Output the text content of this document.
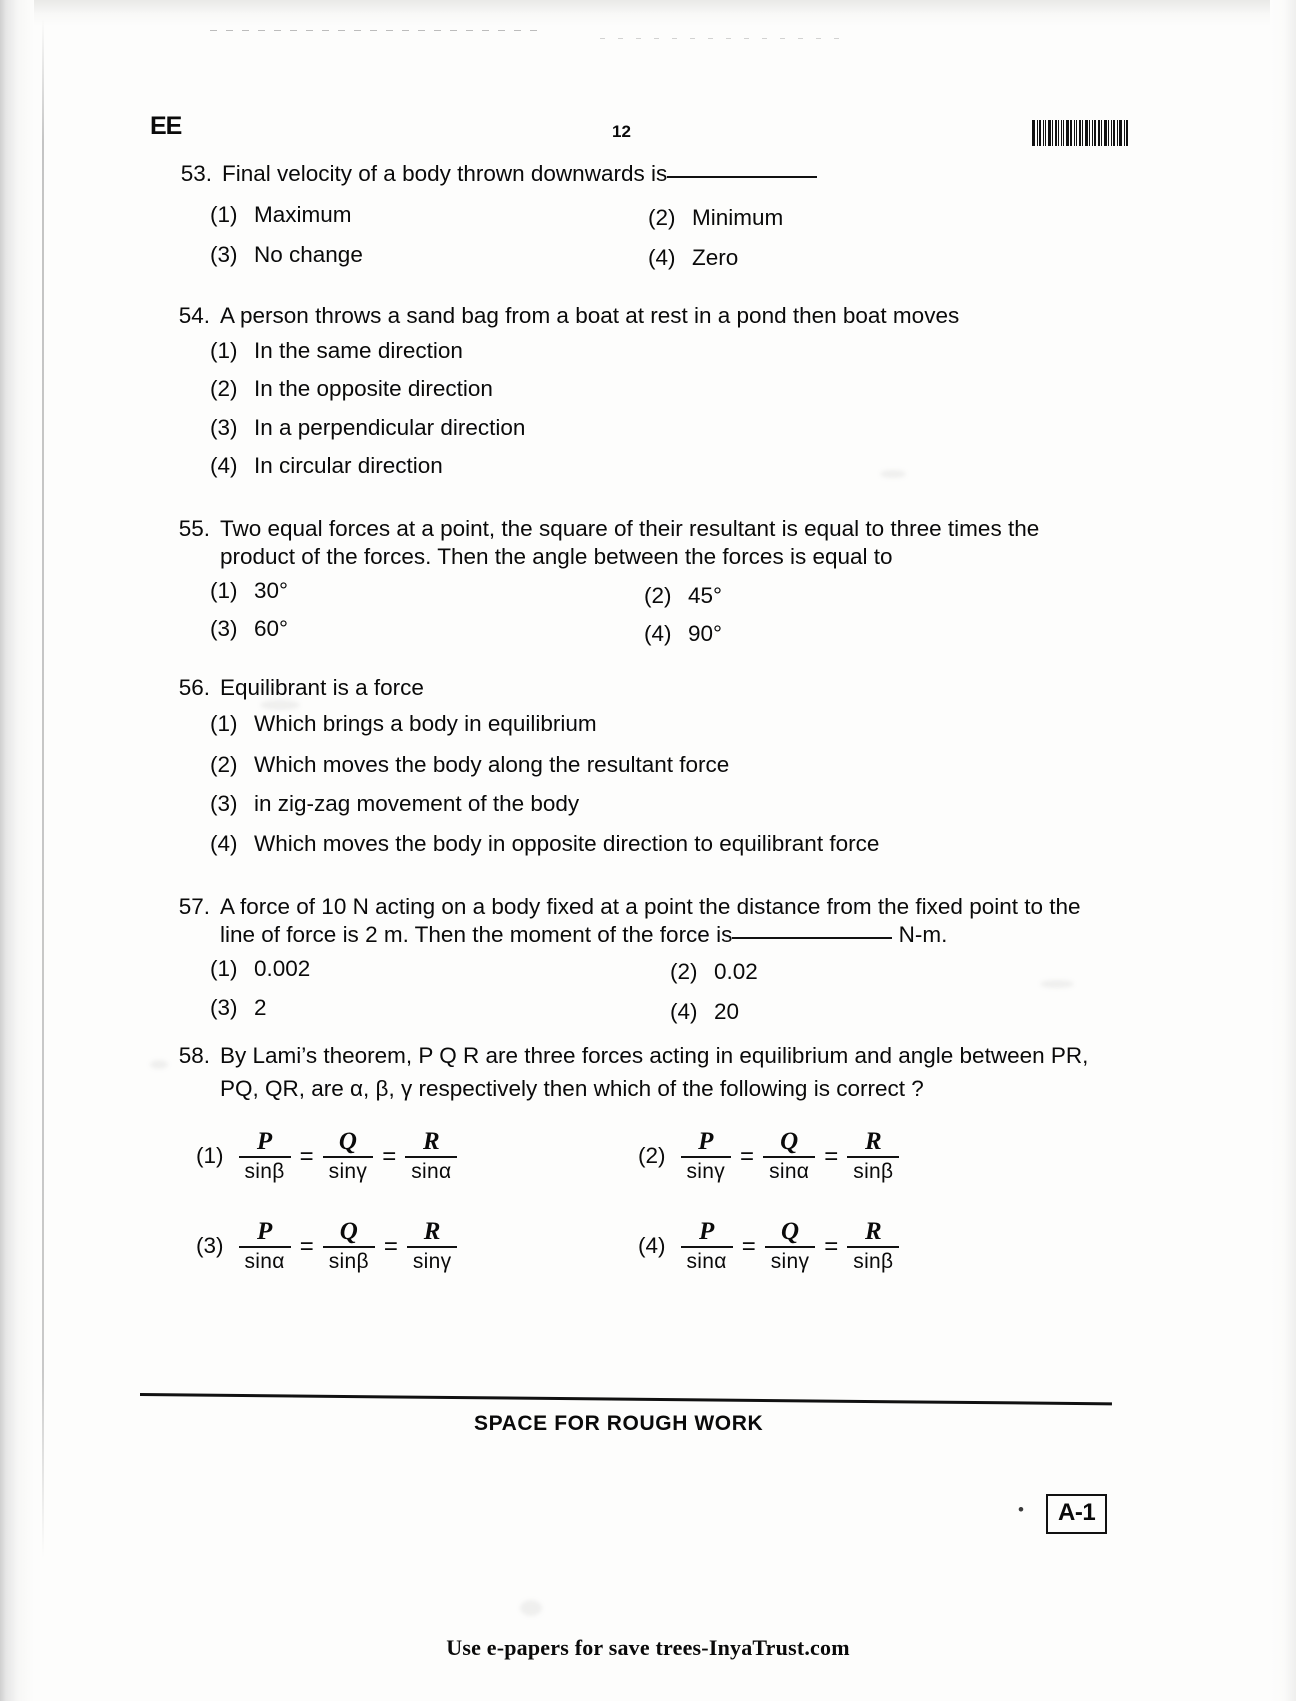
EE	12
53. Final velocity of a body thrown downwards is
(1) Maximum	(2) Minimum
(3) No change	(4) Zero
54. A person throws a sand bag from a boat at rest in a pond then boat moves
(1) In the same direction
(2) In the opposite direction
(3) In a perpendicular direction
(4) In circular direction
55. Two equal forces at a point, the square of their resultant is equal to three times the
product of the forces. Then the angle between the forces is equal to
(1) 30°	(2) 45°
(3) 60°	(4) 90°
56. Equilibrant is a force
(1) Which brings a body in equilibrium
(2) Which moves the body along the resultant force
(3) in zig-zag movement of the body
(4) Which moves the body in opposite direction to equilibrant force
57. A force of 10 N acting on a body fixed at a point the distance from the fixed point to the
line of force is 2 m. Then the moment of the force is	N-m.
(1) 0.002	(2) 0.02
(3) 2	(4) 20
58. By Lami’s theorem, P Q R are three forces acting in equilibrium and angle between PR,
PQ, QR, are α, β, γ respectively then which of the following is correct ?
$(1) \frac{P}{\sin\beta} = \frac{Q}{\sin\gamma} = \frac{R}{\sin\alpha}$	$(2) \frac{P}{\sin\gamma} = \frac{Q}{\sin\alpha} = \frac{R}{\sin\beta}$
$(3) \frac{P}{\sin\alpha} = \frac{Q}{\sin\beta} = \frac{R}{\sin\gamma}$	$(4) \frac{P}{\sin\alpha} = \frac{Q}{\sin\gamma} = \frac{R}{\sin\beta}$
SPACE FOR ROUGH WORK
•	A-1
Use e-papers for save trees-InyaTrust.com
